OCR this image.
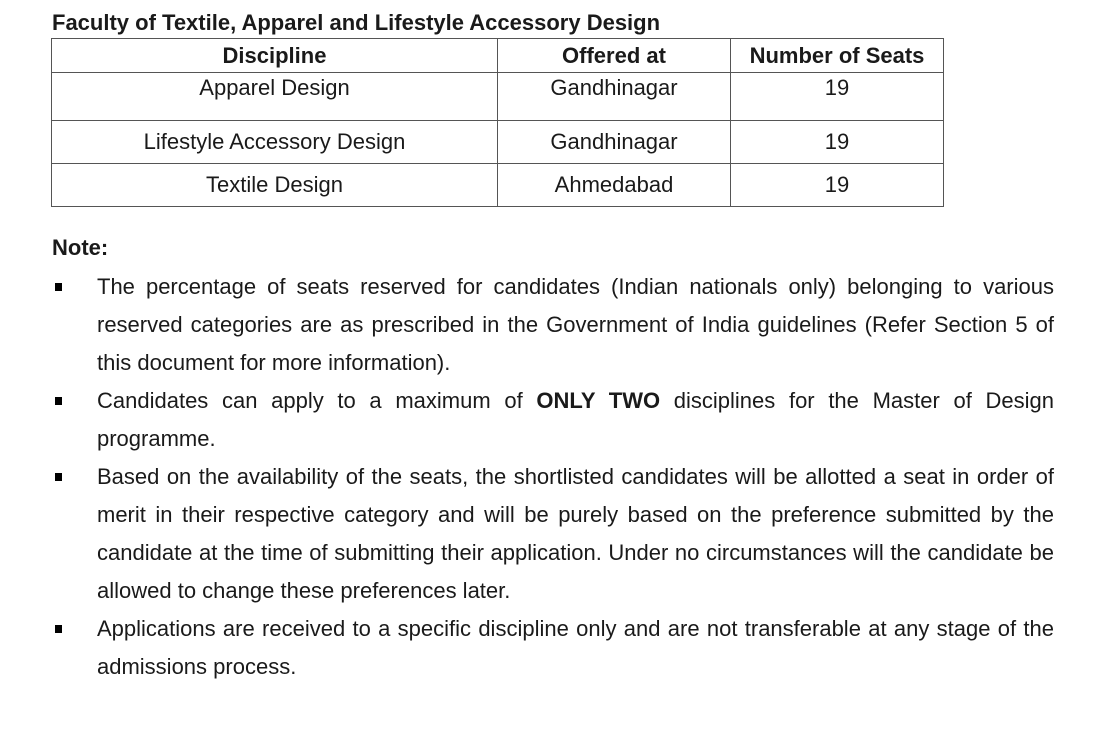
Faculty of Textile, Apparel and Lifestyle Accessory Design
Discipline	Offered at	Number of Seats
Apparel Design	Gandhinagar	19
Lifestyle Accessory Design	Gandhinagar	19
Textile Design	Ahmedabad	19
Note:
The percentage of seats reserved for candidates (Indian nationals only) belonging to various reserved categories are as prescribed in the Government of India guidelines (Refer Section 5 of this document for more information).
Candidates can apply to a maximum of ONLY TWO disciplines for the Master of Design programme.
Based on the availability of the seats, the shortlisted candidates will be allotted a seat in order of merit in their respective category and will be purely based on the preference submitted by the candidate at the time of submitting their application. Under no circumstances will the candidate be allowed to change these preferences later.
Applications are received to a specific discipline only and are not transferable at any stage of the admissions process.
